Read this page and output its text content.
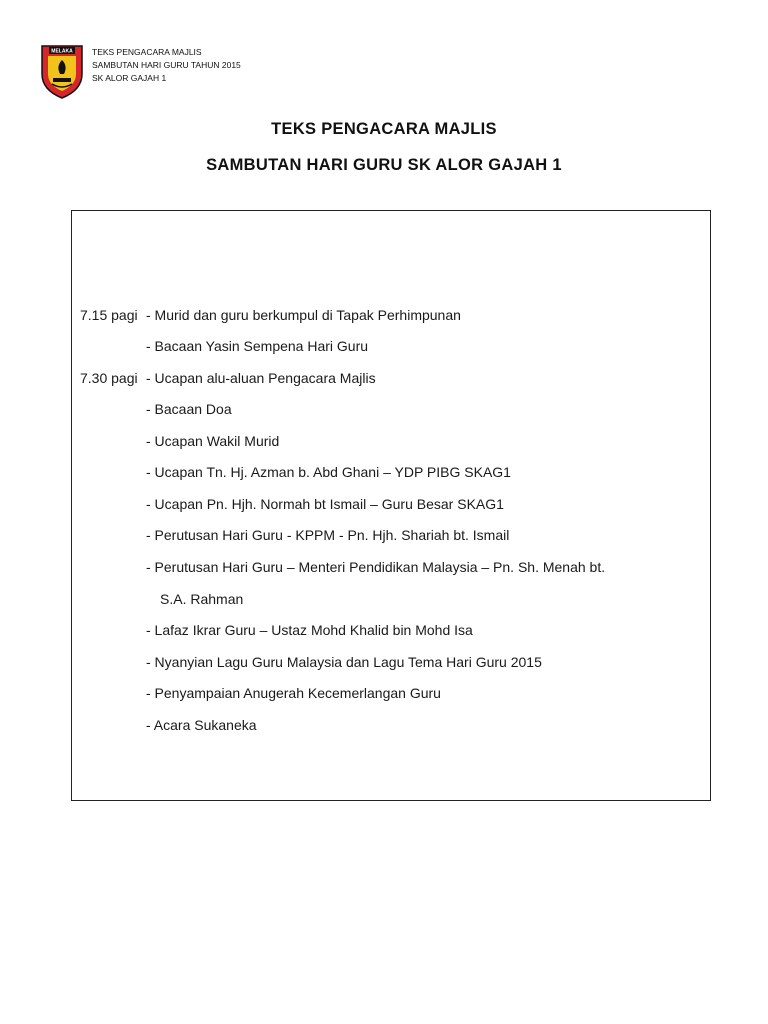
MELAKA TEKS PENGACARA MAJLIS
SAMBUTAN HARI GURU TAHUN 2015
SK ALOR GAJAH 1
TEKS PENGACARA MAJLIS
SAMBUTAN HARI GURU SK ALOR GAJAH 1
7.15 pagi - Murid dan guru berkumpul di Tapak Perhimpunan
- Bacaan Yasin Sempena Hari Guru
7.30 pagi - Ucapan alu-aluan Pengacara Majlis
- Bacaan Doa
- Ucapan Wakil Murid
- Ucapan Tn. Hj. Azman b. Abd Ghani – YDP PIBG SKAG1
- Ucapan Pn. Hjh. Normah bt Ismail – Guru Besar SKAG1
- Perutusan Hari Guru - KPPM - Pn. Hjh. Shariah bt. Ismail
- Perutusan Hari Guru – Menteri Pendidikan Malaysia – Pn. Sh. Menah bt.
S.A. Rahman
- Lafaz Ikrar Guru – Ustaz Mohd Khalid bin Mohd Isa
- Nyanyian Lagu Guru Malaysia dan Lagu Tema Hari Guru 2015
- Penyampaian Anugerah Kecemerlangan Guru
- Acara Sukaneka
